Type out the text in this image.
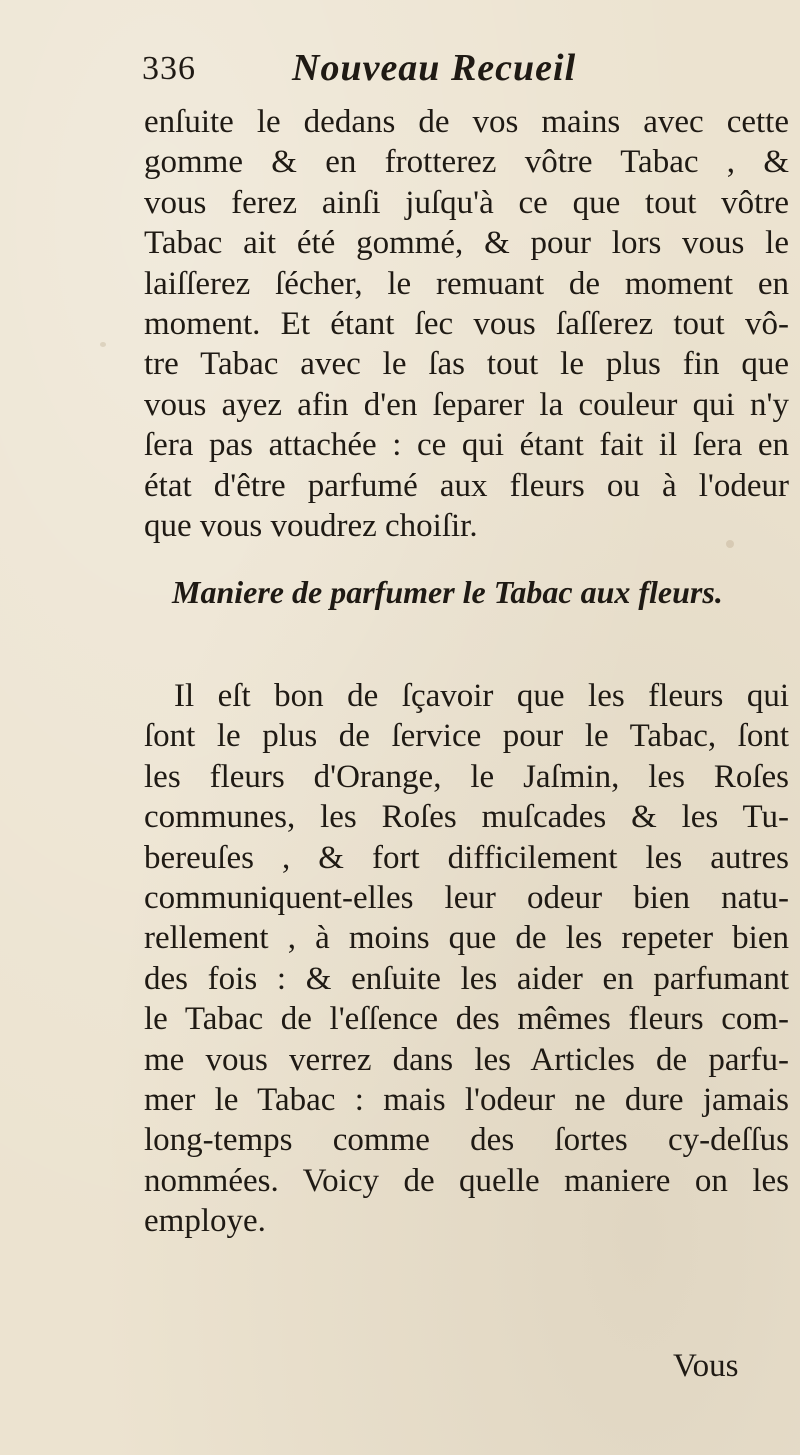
336	Nouveau Recueil
enſuite le dedans de vos mains avec cette
gomme & en frotterez vôtre Tabac , &
vous ferez ainſi juſqu'à ce que tout vôtre
Tabac ait été gommé, & pour lors vous le
laiſſerez ſécher, le remuant de moment en
moment. Et étant ſec vous ſaſſerez tout vô-
tre Tabac avec le ſas tout le plus fin que
vous ayez afin d'en ſeparer la couleur qui n'y
ſera pas attachée : ce qui étant fait il ſera en
état d'être parfumé aux fleurs ou à l'odeur
que vous voudrez choiſir.
Maniere de parfumer le Tabac aux fleurs.
Il eſt bon de ſçavoir que les fleurs qui
ſont le plus de ſervice pour le Tabac, ſont
les fleurs d'Orange, le Jaſmin, les Roſes
communes, les Roſes muſcades & les Tu-
bereuſes , & fort difficilement les autres
communiquent-elles leur odeur bien natu-
rellement , à moins que de les repeter bien
des fois : & enſuite les aider en parfumant
le Tabac de l'eſſence des mêmes fleurs com-
me vous verrez dans les Articles de parfu-
mer le Tabac : mais l'odeur ne dure jamais
long-temps comme des ſortes cy-deſſus
nommées. Voicy de quelle maniere on les
employe.
Vous
